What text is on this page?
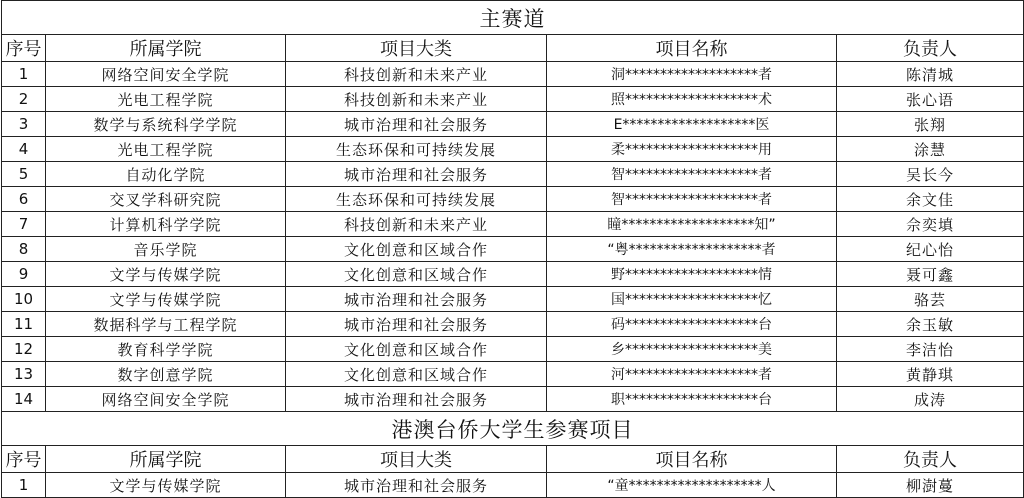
主赛道				
序号	所属学院	项目大类	项目名称	负责人
1	网络空间安全学院	科技创新和未来产业	洞*******************者	陈清城
2	光电工程学院	科技创新和未来产业	照*******************术	张心语
3	数学与系统科学学院	城市治理和社会服务	E*******************医	张翔
4	光电工程学院	生态环保和可持续发展	柔*******************用	涂慧
5	自动化学院	城市治理和社会服务	智*******************者	吴长今
6	交叉学科研究院	生态环保和可持续发展	智*******************者	余文佳
7	计算机科学学院	科技创新和未来产业	瞳*******************知”	佘奕填
8	音乐学院	文化创意和区域合作	“粤*******************者	纪心怡
9	文学与传媒学院	文化创意和区域合作	野*******************情	聂可鑫
10	文学与传媒学院	城市治理和社会服务	国*******************忆	骆芸
11	数据科学与工程学院	城市治理和社会服务	码*******************台	余玉敏
12	教育科学学院	文化创意和区域合作	乡*******************美	李洁怡
13	数字创意学院	文化创意和区域合作	河*******************者	黄静琪
14	网络空间安全学院	城市治理和社会服务	职*******************台	成涛
港澳台侨大学生参赛项目				
序号	所属学院	项目大类	项目名称	负责人
1	文学与传媒学院	城市治理和社会服务	“童*******************人	柳澍蔓
